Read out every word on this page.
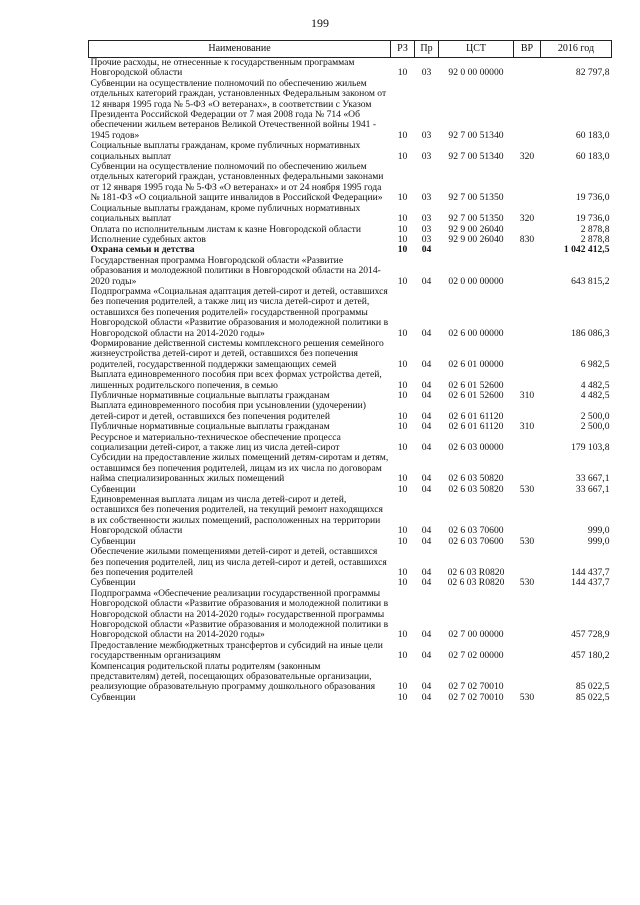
199
Наименование	РЗ	Пр	ЦСТ	ВР	2016 год
Прочие расходы, не отнесенные к государственным программам Новгородской области	10	03	92 0 00 00000		82 797,8
Субвенции на осуществление полномочий по обеспечению жильем отдельных категорий граждан, установленных Федеральным законом от 12 января 1995 года № 5-ФЗ «О ветеранах», в соответствии с Указом Президента Российской Федерации от 7 мая 2008 года № 714 «Об обеспечении жильем ветеранов Великой Отечественной войны 1941 - 1945 годов»	10	03	92 7 00 51340		60 183,0
Социальные выплаты гражданам, кроме публичных нормативных социальных выплат	10	03	92 7 00 51340	320	60 183,0
Субвенции на осуществление полномочий по обеспечению жильем отдельных категорий граждан, установленных федеральными законами от 12 января 1995 года № 5-ФЗ «О ветеранах» и от 24 ноября 1995 года № 181-ФЗ «О социальной защите инвалидов в Российской Федерации»	10	03	92 7 00 51350		19 736,0
Социальные выплаты гражданам, кроме публичных нормативных социальных выплат	10	03	92 7 00 51350	320	19 736,0
Оплата по исполнительным листам к казне Новгородской области	10	03	92 9 00 26040		2 878,8
Исполнение судебных актов	10	03	92 9 00 26040	830	2 878,8
Охрана семьи и детства	10	04			1 042 412,5
Государственная программа Новгородской области «Развитие образования и молодежной политики в Новгородской области на 2014-2020 годы»	10	04	02 0 00 00000		643 815,2
Подпрограмма «Социальная адаптация детей-сирот и детей, оставшихся без попечения родителей, а также лиц из числа детей-сирот и детей, оставшихся без попечения родителей» государственной программы Новгородской области «Развитие образования и молодежной политики в Новгородской области на 2014-2020 годы»	10	04	02 6 00 00000		186 086,3
Формирование действенной системы комплексного решения семейного жизнеустройства детей-сирот и детей, оставшихся без попечения родителей, государственной поддержки замещающих семей	10	04	02 6 01 00000		6 982,5
Выплата единовременного пособия при всех формах устройства детей, лишенных родительского попечения, в семью	10	04	02 6 01 52600		4 482,5
Публичные нормативные социальные выплаты гражданам	10	04	02 6 01 52600	310	4 482,5
Выплата единовременного пособия при усыновлении (удочерении) детей-сирот и детей, оставшихся без попечения родителей	10	04	02 6 01 61120		2 500,0
Публичные нормативные социальные выплаты гражданам	10	04	02 6 01 61120	310	2 500,0
Ресурсное и материально-техническое обеспечение процесса социализации детей-сирот, а также лиц из числа детей-сирот	10	04	02 6 03 00000		179 103,8
Субсидии на предоставление жилых помещений детям-сиротам и детям, оставшимся без попечения родителей, лицам из их числа по договорам найма специализированных жилых помещений	10	04	02 6 03 50820		33 667,1
Субвенции	10	04	02 6 03 50820	530	33 667,1
Единовременная выплата лицам из числа детей-сирот и детей, оставшихся без попечения родителей, на текущий ремонт находящихся в их собственности жилых помещений, расположенных на территории Новгородской области	10	04	02 6 03 70600		999,0
Субвенции	10	04	02 6 03 70600	530	999,0
Обеспечение жилыми помещениями детей-сирот и детей, оставшихся без попечения родителей, лиц из числа детей-сирот и детей, оставшихся без попечения родителей	10	04	02 6 03 R0820		144 437,7
Субвенции	10	04	02 6 03 R0820	530	144 437,7
Подпрограмма «Обеспечение реализации государственной программы Новгородской области «Развитие образования и молодежной политики в Новгородской области на 2014-2020 годы» государственной программы Новгородской области «Развитие образования и молодежной политики в Новгородской области на 2014-2020 годы»	10	04	02 7 00 00000		457 728,9
Предоставление межбюджетных трансфертов и субсидий на иные цели государственным организациям	10	04	02 7 02 00000		457 180,2
Компенсация родительской платы родителям (законным представителям) детей, посещающих образовательные организации, реализующие образовательную программу дошкольного образования	10	04	02 7 02 70010		85 022,5
Субвенции	10	04	02 7 02 70010	530	85 022,5
